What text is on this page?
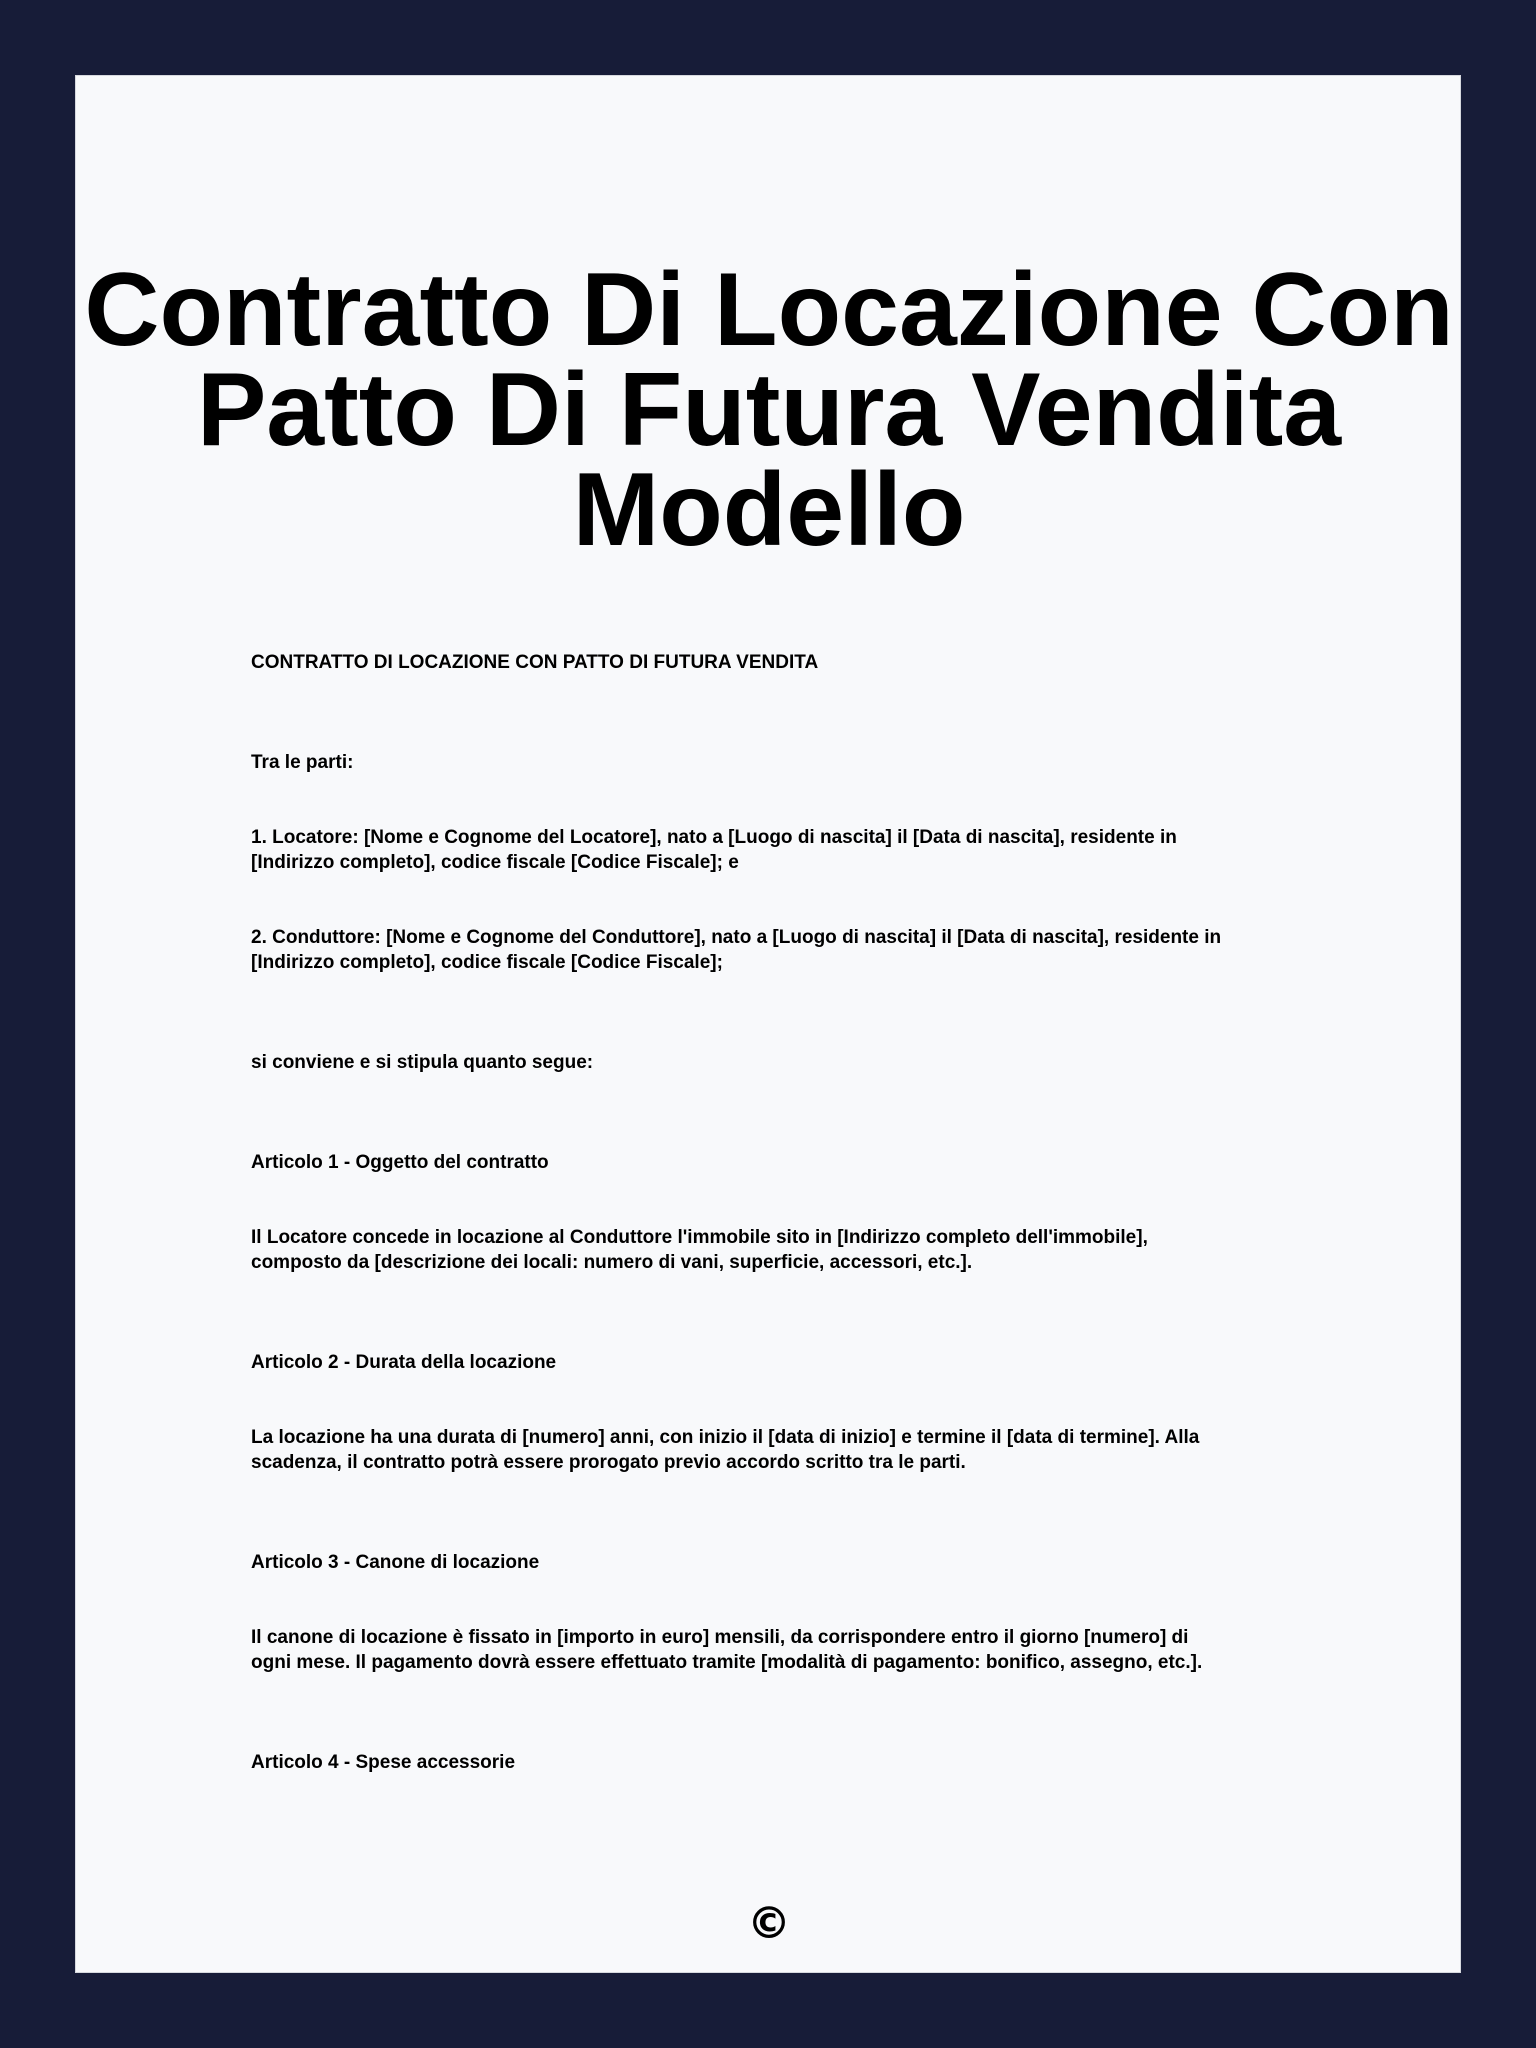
Contratto Di Locazione Con
Patto Di Futura Vendita
Modello

CONTRATTO DI LOCAZIONE CON PATTO DI FUTURA VENDITA

Tra le parti:

1. Locatore: [Nome e Cognome del Locatore], nato a [Luogo di nascita] il [Data di nascita], residente in

[Indirizzo completo], codice fiscale [Codice Fiscale]; e

2. Conduttore: [Nome e Cognome del Conduttore], nato a [Luogo di nascita] il [Data di nascita], residente in

[Indirizzo completo], codice fiscale [Codice Fiscale];

si conviene e si stipula quanto segue:

Articolo 1 - Oggetto del contratto

Il Locatore concede in locazione al Conduttore l'immobile sito in [Indirizzo completo dell'immobile],

composto da [descrizione dei locali: numero di vani, superficie, accessori, etc.].

Articolo 2 - Durata della locazione

La locazione ha una durata di [numero] anni, con inizio il [data di inizio] e termine il [data di termine]. Alla

scadenza, il contratto potrà essere prorogato previo accordo scritto tra le parti.

Articolo 3 - Canone di locazione

Il canone di locazione è fissato in [importo in euro] mensili, da corrispondere entro il giorno [numero] di

ogni mese. Il pagamento dovrà essere effettuato tramite [modalità di pagamento: bonifico, assegno, etc.].

Articolo 4 - Spese accessorie

©
